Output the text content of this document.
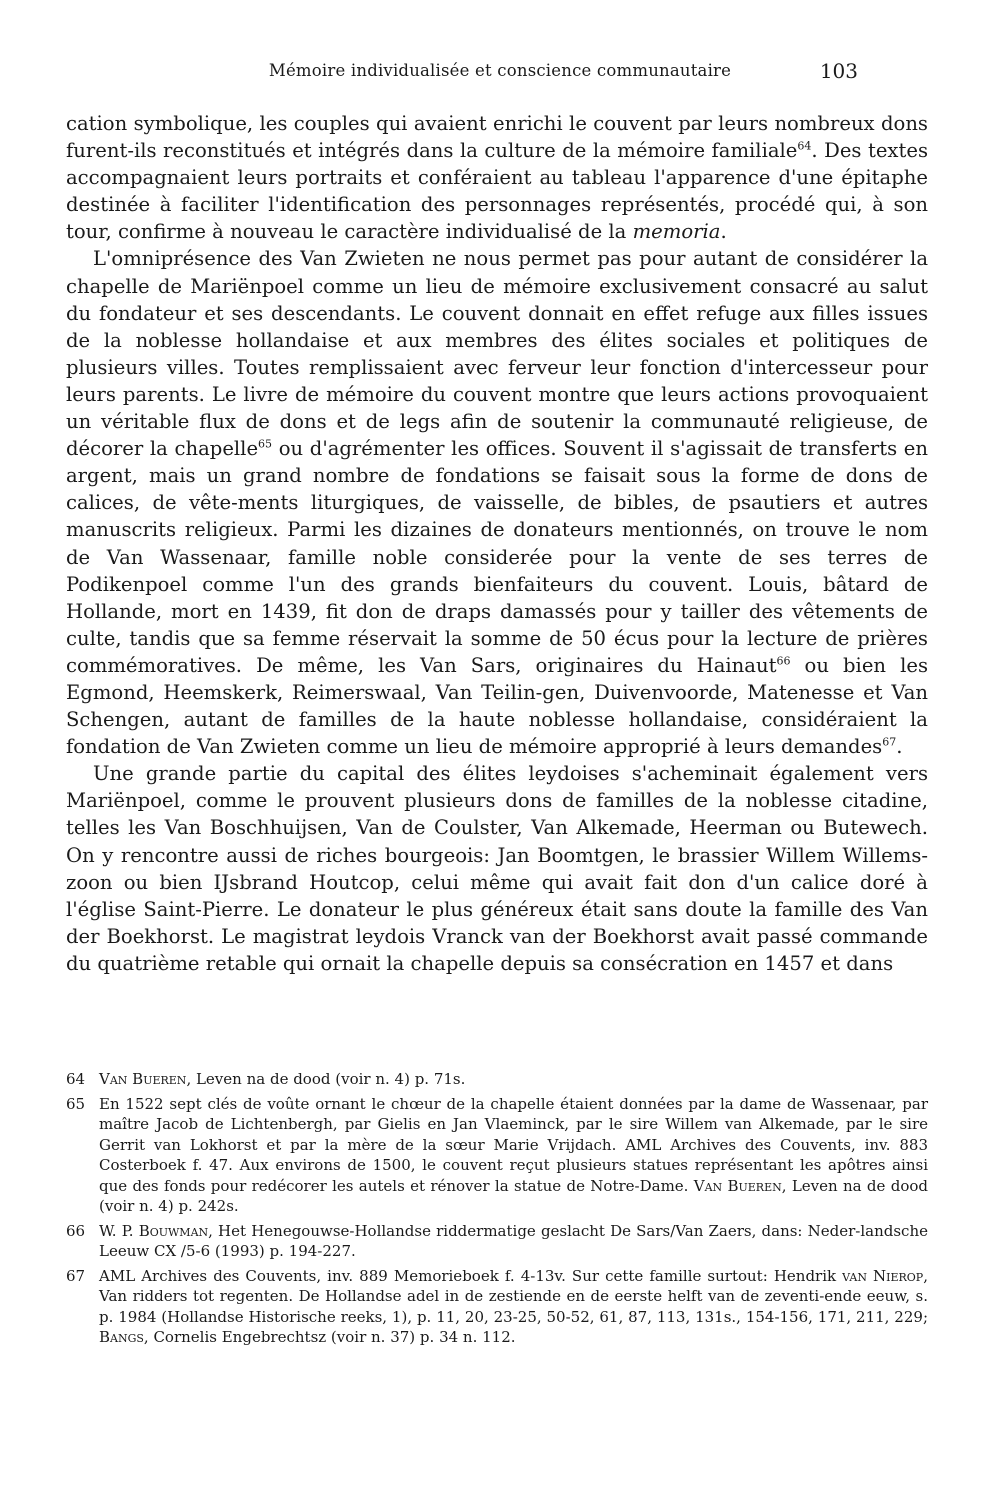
Mémoire individualisée et conscience communautaire	103

cation symbolique, les couples qui avaient enrichi le couvent par leurs nombreux dons furent-ils reconstitués et intégrés dans la culture de la mémoire familiale$^{64}$. Des textes accompagnaient leurs portraits et conféraient au tableau l'apparence d'une épitaphe destinée à faciliter l'identification des personnages représentés, procédé qui, à son tour, confirme à nouveau le caractère individualisé de la memoria.

L'omniprésence des Van Zwieten ne nous permet pas pour autant de considérer la chapelle de Mariënpoel comme un lieu de mémoire exclusivement consacré au salut du fondateur et ses descendants. Le couvent donnait en effet refuge aux filles issues de la noblesse hollandaise et aux membres des élites sociales et politiques de plusieurs villes. Toutes remplissaient avec ferveur leur fonction d'intercesseur pour leurs parents. Le livre de mémoire du couvent montre que leurs actions provoquaient un véritable flux de dons et de legs afin de soutenir la communauté religieuse, de décorer la chapelle$^{65}$ ou d'agrémenter les offices. Souvent il s'agissait de transferts en argent, mais un grand nombre de fondations se faisait sous la forme de dons de calices, de vête-ments liturgiques, de vaisselle, de bibles, de psautiers et autres manuscrits religieux. Parmi les dizaines de donateurs mentionnés, on trouve le nom de Van Wassenaar, famille noble considerée pour la vente de ses terres de Podikenpoel comme l'un des grands bienfaiteurs du couvent. Louis, bâtard de Hollande, mort en 1439, fit don de draps damassés pour y tailler des vêtements de culte, tandis que sa femme réservait la somme de 50 écus pour la lecture de prières commémoratives. De même, les Van Sars, originaires du Hainaut$^{66}$ ou bien les Egmond, Heemskerk, Reimerswaal, Van Teilin-gen, Duivenvoorde, Matenesse et Van Schengen, autant de familles de la haute noblesse hollandaise, considéraient la fondation de Van Zwieten comme un lieu de mémoire approprié à leurs demandes$^{67}$.

Une grande partie du capital des élites leydoises s'acheminait également vers Mariënpoel, comme le prouvent plusieurs dons de familles de la noblesse citadine, telles les Van Boschhuijsen, Van de Coulster, Van Alkemade, Heerman ou Butewech. On y rencontre aussi de riches bourgeois: Jan Boomtgen, le brassier Willem Willems-zoon ou bien IJsbrand Houtcop, celui même qui avait fait don d'un calice doré à l'église Saint-Pierre. Le donateur le plus généreux était sans doute la famille des Van der Boekhorst. Le magistrat leydois Vranck van der Boekhorst avait passé commande du quatrième retable qui ornait la chapelle depuis sa consécration en 1457 et dans

64 Van Bueren, Leven na de dood (voir n. 4) p. 71s.
65 En 1522 sept clés de voûte ornant le chœur de la chapelle étaient données par la dame de Wassenaar, par maître Jacob de Lichtenbergh, par Gielis en Jan Vlaeminck, par le sire Willem van Alkemade, par le sire Gerrit van Lokhorst et par la mère de la sœur Marie Vrijdach. AML Archives des Couvents, inv. 883 Costerboek f. 47. Aux environs de 1500, le couvent reçut plusieurs statues représentant les apôtres ainsi que des fonds pour redécorer les autels et rénover la statue de Notre-Dame. Van Bueren, Leven na de dood (voir n. 4) p. 242s.
66 W. P. Bouwman, Het Henegouwse-Hollandse riddermatige geslacht De Sars/Van Zaers, dans: Neder-landsche Leeuw CX /5-6 (1993) p. 194-227.
67 AML Archives des Couvents, inv. 889 Memorieboek f. 4-13v. Sur cette famille surtout: Hendrik van Nierop, Van ridders tot regenten. De Hollandse adel in de zestiende en de eerste helft van de zeventi-ende eeuw, s. p. 1984 (Hollandse Historische reeks, 1), p. 11, 20, 23-25, 50-52, 61, 87, 113, 131s., 154-156, 171, 211, 229; Bangs, Cornelis Engebrechtsz (voir n. 37) p. 34 n. 112.
